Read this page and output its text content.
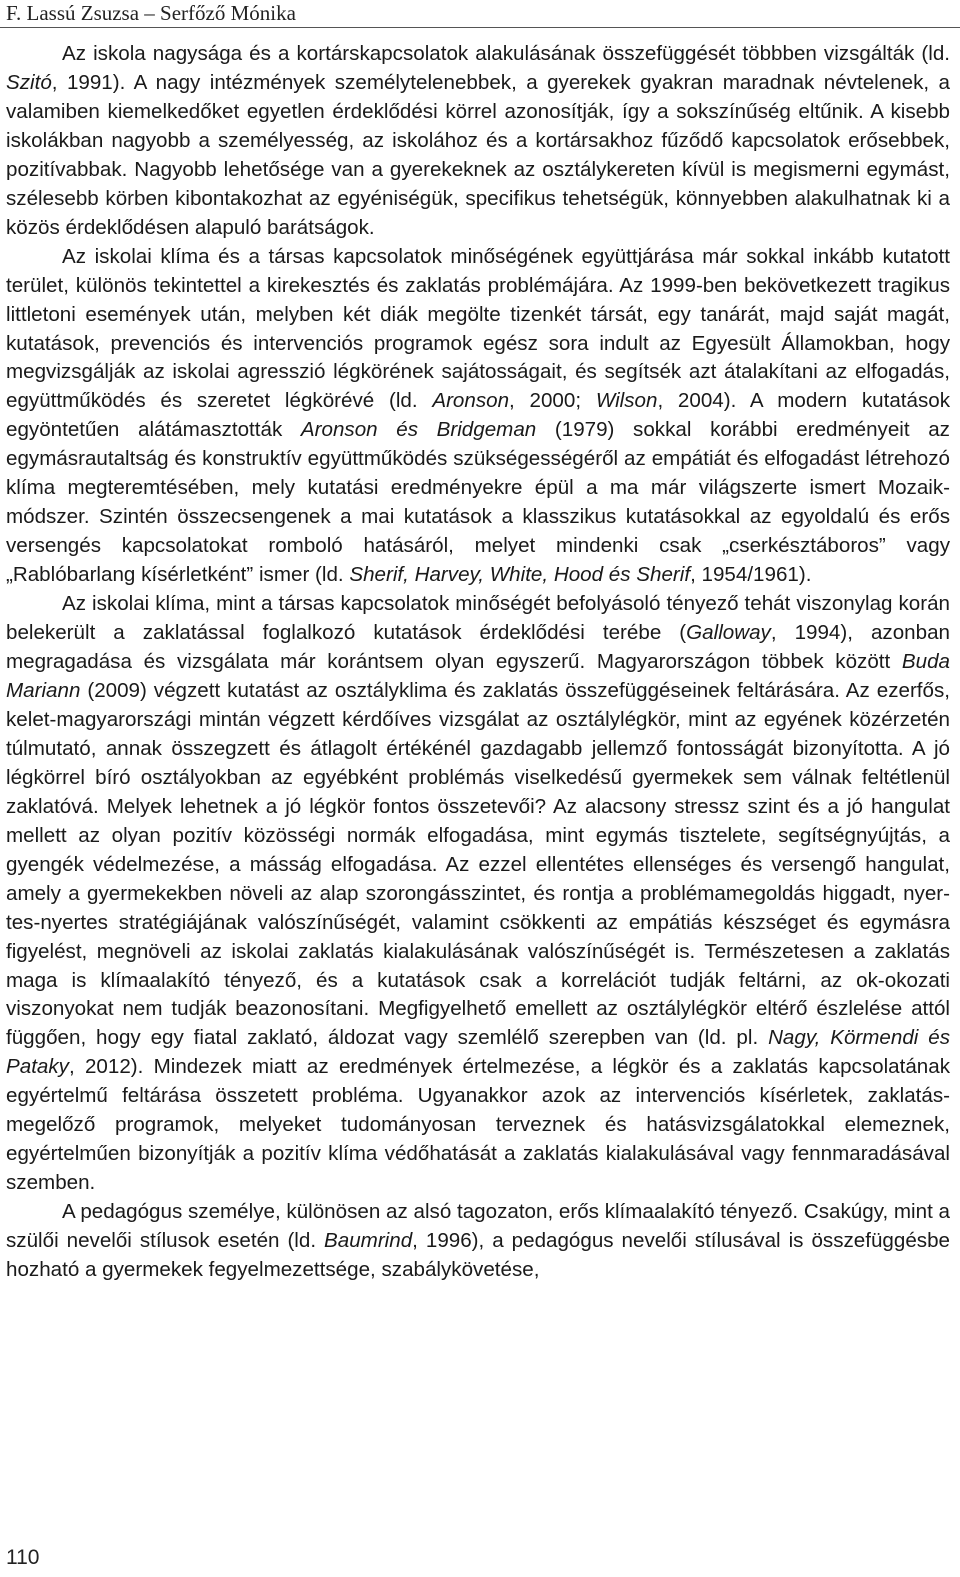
F. Lassú Zsuzsa – Serfőző Mónika

Az iskola nagysága és a kortárskapcsolatok alakulásának összefüggését többben vizsgálták (ld. Szitó, 1991). A nagy intézmények személytelenebbek, a gyerekek gyakran maradnak névtelenek, a valamiben kiemelkedőket egyetlen érdeklődési körrel azonosítják, így a sokszínűség eltűnik. A kisebb iskolákban nagyobb a személyesség, az iskolához és a kortársakhoz fűződő kapcsolatok erősebbek, pozitívabbak. Nagyobb lehetősége van a gyerekeknek az osztálykereten kívül is megismerni egymást, szélesebb körben kibontakozhat az egyéniségük, specifikus tehetségük, könnyebben alakulhatnak ki a közös érdeklődésen alapuló barátságok.

Az iskolai klíma és a társas kapcsolatok minőségének együttjárása már sokkal inkább kutatott terület, különös tekintettel a kirekesztés és zaklatás problémájára. Az 1999-ben bekövetkezett tragikus littletoni események után, melyben két diák megölte tizenkét társát, egy tanárát, majd saját magát, kutatások, prevenciós és intervenciós programok egész sora indult az Egyesült Államokban, hogy megvizsgálják az iskolai agresszió légkörének sajátosságait, és segítsék azt átalakítani az elfogadás, együttműködés és szeretet légkörévé (ld. Aronson, 2000; Wilson, 2004). A modern kutatások egyöntetűen alátámasztották Aronson és Bridgeman (1979) sokkal korábbi eredményeit az egymásrautaltság és konstruktív együttműködés szükségességéről az empátiát és elfogadást létrehozó klíma megteremtésében, mely kutatási eredményekre épül a ma már világszerte ismert Mozaik-módszer. Szintén összecsengenek a mai kutatások a klasszikus kutatásokkal az egyoldalú és erős versengés kapcsolatokat romboló hatásáról, melyet mindenki csak „cserkésztáboros” vagy „Rablóbarlang kísérletként” ismer (ld. Sherif, Harvey, White, Hood és Sherif, 1954/1961).

Az iskolai klíma, mint a társas kapcsolatok minőségét befolyásoló tényező tehát viszonylag korán belekerült a zaklatással foglalkozó kutatások érdeklődési terébe (Galloway, 1994), azonban megragadása és vizsgálata már korántsem olyan egyszerű. Magyarországon többek között Buda Mariann (2009) végzett kutatást az osztályklima és zaklatás összefüggéseinek feltárására. Az ezerfős, kelet-magyarországi mintán végzett kérdőíves vizsgálat az osztálylégkör, mint az egyének közérzetén túlmutató, annak összegzett és átlagolt értékénél gazdagabb jellemző fontosságát bizonyította. A jó légkörrel bíró osztályokban az egyébként problémás viselkedésű gyermekek sem válnak feltétlenül zaklatóvá. Melyek lehetnek a jó légkör fontos összetevői? Az alacsony stressz szint és a jó hangulat mellett az olyan pozitív közösségi normák elfogadása, mint egymás tisztelete, segítségnyújtás, a gyengék védelmezése, a másság elfogadása. Az ezzel ellentétes ellenséges és versengő hangulat, amely a gyermekekben növeli az alap szorongásszintet, és rontja a problémamegoldás higgadt, nyertes-nyertes stratégiájának valószínűségét, valamint csökkenti az empátiás készséget és egymásra figyelést, megnöveli az iskolai zaklatás kialakulásának valószínűségét is. Természetesen a zaklatás maga is klímaalakító tényező, és a kutatások csak a korrelációt tudják feltárni, az ok-okozati viszonyokat nem tudják beazonosítani. Megfigyelhető emellett az osztálylégkör eltérő észlelése attól függően, hogy egy fiatal zaklató, áldozat vagy szemlélő szerepben van (ld. pl. Nagy, Körmendi és Pataky, 2012). Mindezek miatt az eredmények értelmezése, a légkör és a zaklatás kapcsolatának egyértelmű feltárása összetett probléma. Ugyanakkor azok az intervenciós kísérletek, zaklatás-megelőző programok, melyeket tudományosan terveznek és hatásvizsgálatokkal elemeznek, egyértelműen bizonyítják a pozitív klíma védőhatását a zaklatás kialakulásával vagy fennmaradásával szemben.

A pedagógus személye, különösen az alsó tagozaton, erős klímaalakító tényező. Csakúgy, mint a szülői nevelői stílusok esetén (ld. Baumrind, 1996), a pedagógus nevelői stílusával is összefüggésbe hozható a gyermekek fegyelmezettsége, szabálykövetése,

110
